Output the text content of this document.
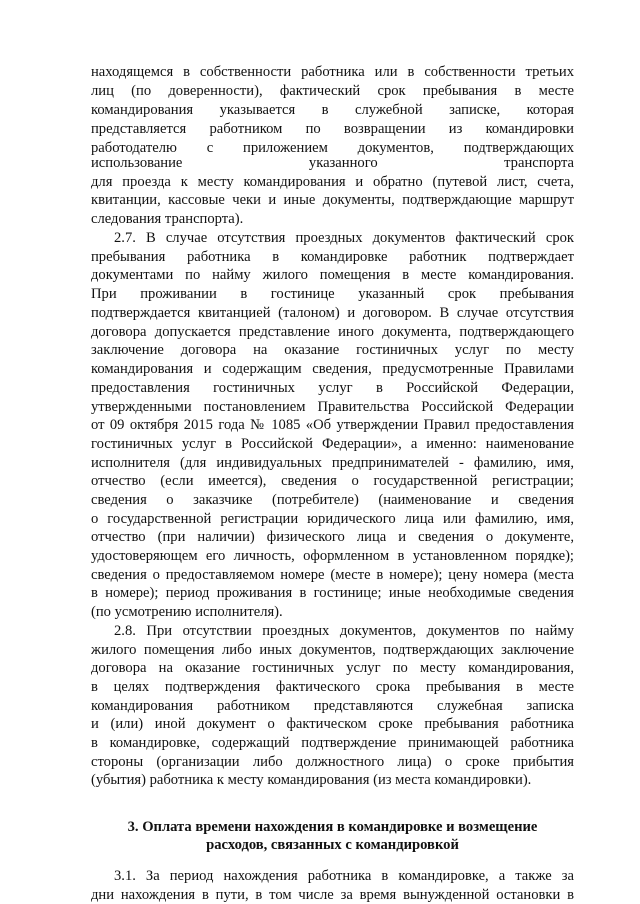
находящемся в собственности работника или в собственности третьих
лиц (по доверенности), фактический срок пребывания в месте
командирования указывается в служебной записке, которая
представляется работником по возвращении из командировки
работодателю с приложением документов, подтверждающих
использование указанного транспорта
для проезда к месту командирования и обратно (путевой лист, счета,
квитанции, кассовые чеки и иные документы, подтверждающие маршрут
следования транспорта).
2.7. В случае отсутствия проездных документов фактический срок
пребывания работника в командировке работник подтверждает
документами по найму жилого помещения в месте командирования.
При проживании в гостинице указанный срок пребывания
подтверждается квитанцией (талоном) и договором. В случае отсутствия
договора допускается представление иного документа, подтверждающего
заключение договора на оказание гостиничных услуг по месту
командирования и содержащим сведения, предусмотренные Правилами
предоставления гостиничных услуг в Российской Федерации,
утвержденными постановлением Правительства Российской Федерации
от 09 октября 2015 года № 1085 «Об утверждении Правил предоставления
гостиничных услуг в Российской Федерации», а именно: наименование
исполнителя (для индивидуальных предпринимателей - фамилию, имя,
отчество (если имеется), сведения о государственной регистрации;
сведения о заказчике (потребителе) (наименование и сведения
о государственной регистрации юридического лица или фамилию, имя,
отчество (при наличии) физического лица и сведения о документе,
удостоверяющем его личность, оформленном в установленном порядке);
сведения о предоставляемом номере (месте в номере); цену номера (места
в номере); период проживания в гостинице; иные необходимые сведения
(по усмотрению исполнителя).
2.8. При отсутствии проездных документов, документов по найму
жилого помещения либо иных документов, подтверждающих заключение
договора на оказание гостиничных услуг по месту командирования,
в целях подтверждения фактического срока пребывания в месте
командирования работником представляются служебная записка
и (или) иной документ о фактическом сроке пребывания работника
в командировке, содержащий подтверждение принимающей работника
стороны (организации либо должностного лица) о сроке прибытия
(убытия) работника к месту командирования (из места командировки).
3. Оплата времени нахождения в командировке и возмещение
расходов, связанных с командировкой
3.1. За период нахождения работника в командировке, а также за
дни нахождения в пути, в том числе за время вынужденной остановки в
